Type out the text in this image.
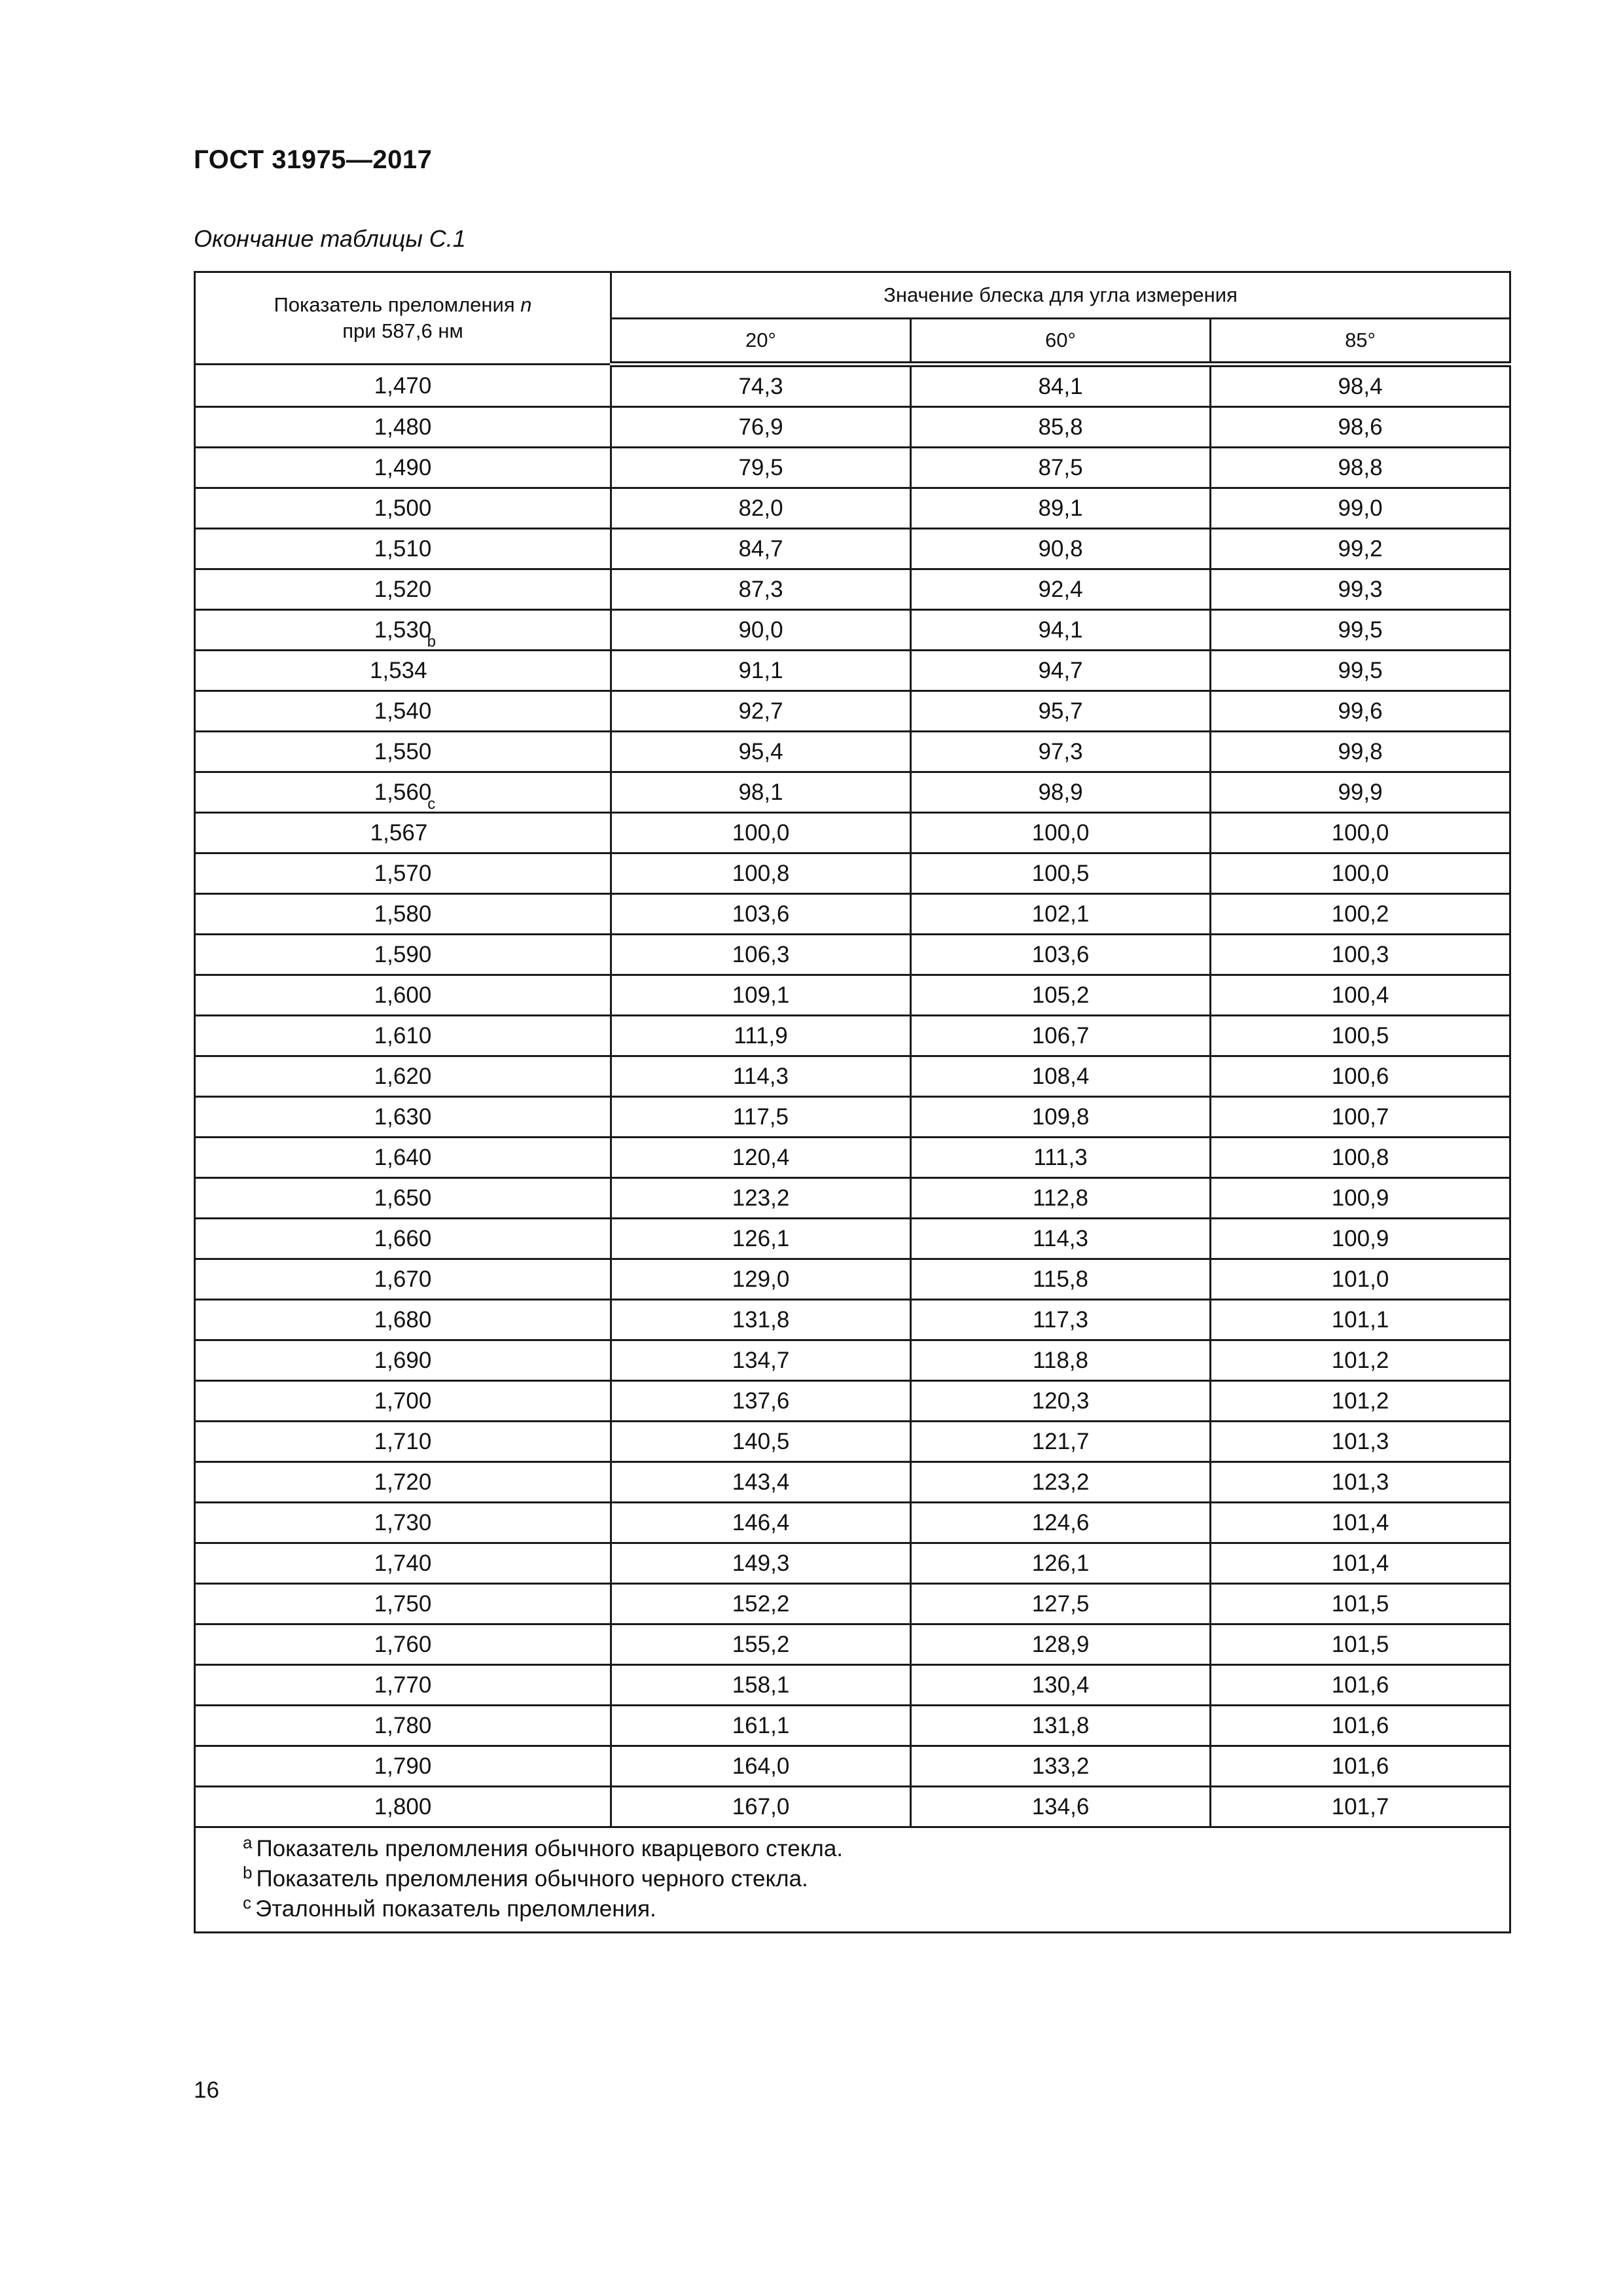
ГОСТ 31975—2017
Окончание таблицы С.1
Показатель преломления n
при 587,6 нм	Значение блеска для угла измерения		
	20°	60°	85°
1,470	74,3	84,1	98,4
1,480	76,9	85,8	98,6
1,490	79,5	87,5	98,8
1,500	82,0	89,1	99,0
1,510	84,7	90,8	99,2
1,520	87,3	92,4	99,3
1,530	90,0	94,1	99,5
1,534$^b$	91,1	94,7	99,5
1,540	92,7	95,7	99,6
1,550	95,4	97,3	99,8
1,560	98,1	98,9	99,9
1,567$^c$	100,0	100,0	100,0
1,570	100,8	100,5	100,0
1,580	103,6	102,1	100,2
1,590	106,3	103,6	100,3
1,600	109,1	105,2	100,4
1,610	111,9	106,7	100,5
1,620	114,3	108,4	100,6
1,630	117,5	109,8	100,7
1,640	120,4	111,3	100,8
1,650	123,2	112,8	100,9
1,660	126,1	114,3	100,9
1,670	129,0	115,8	101,0
1,680	131,8	117,3	101,1
1,690	134,7	118,8	101,2
1,700	137,6	120,3	101,2
1,710	140,5	121,7	101,3
1,720	143,4	123,2	101,3
1,730	146,4	124,6	101,4
1,740	149,3	126,1	101,4
1,750	152,2	127,5	101,5
1,760	155,2	128,9	101,5
1,770	158,1	130,4	101,6
1,780	161,1	131,8	101,6
1,790	164,0	133,2	101,6
1,800	167,0	134,6	101,7

$^a$ Показатель преломления обычного кварцевого стекла.
$^b$ Показатель преломления обычного черного стекла.
$^c$ Эталонный показатель преломления.			
16
